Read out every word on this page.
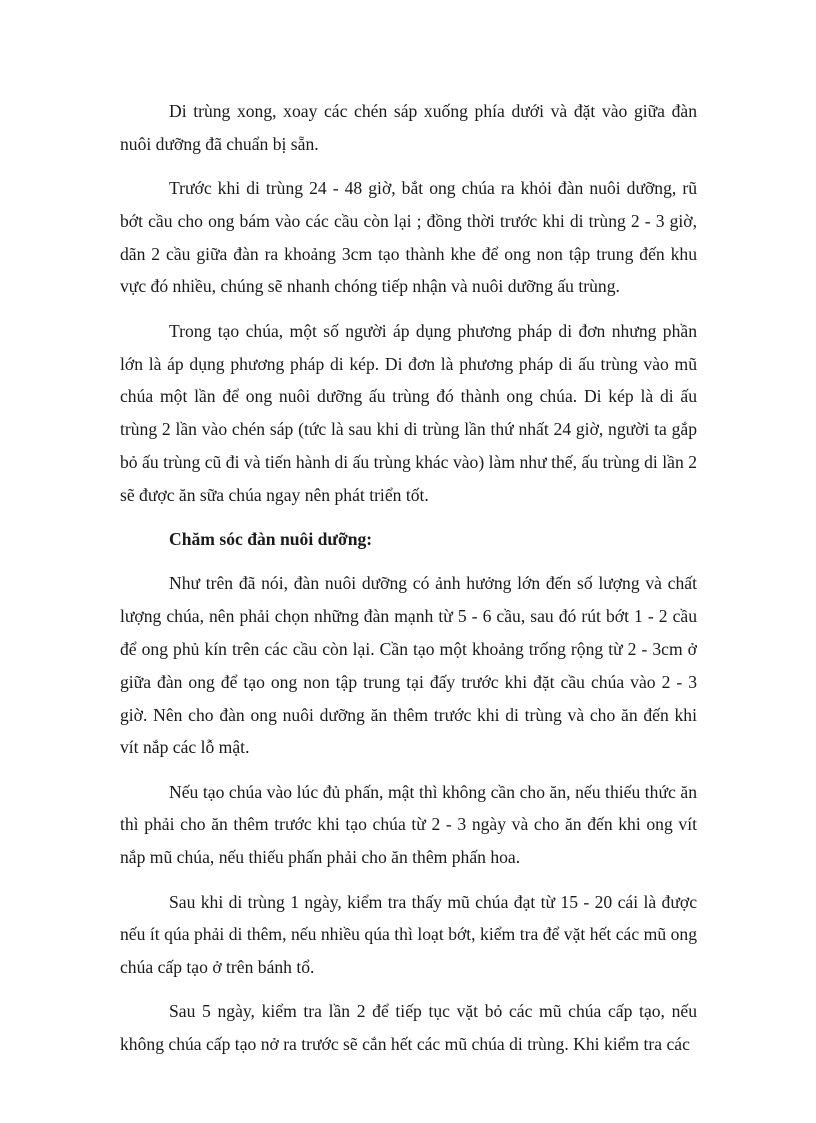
Di trùng xong, xoay các chén sáp xuống phía dưới và đặt vào giữa đàn nuôi dưỡng đã chuẩn bị sẵn.

Trước khi di trùng 24 - 48 giờ, bắt ong chúa ra khỏi đàn nuôi dưỡng, rũ bớt cầu cho ong bám vào các cầu còn lại ; đồng thời trước khi di trùng 2 - 3 giờ, dãn 2 cầu giữa đàn ra khoảng 3cm tạo thành khe để ong non tập trung đến khu vực đó nhiều, chúng sẽ nhanh chóng tiếp nhận và nuôi dưỡng ấu trùng.

Trong tạo chúa, một số người áp dụng phương pháp di đơn nhưng phần lớn là áp dụng phương pháp di kép. Di đơn là phương pháp di ấu trùng vào mũ chúa một lần để ong nuôi dưỡng ấu trùng đó thành ong chúa. Di kép là di ấu trùng 2 lần vào chén sáp (tức là sau khi di trùng lần thứ nhất 24 giờ, người ta gắp bỏ ấu trùng cũ đi và tiến hành di ấu trùng khác vào) làm như thế, ấu trùng di lần 2 sẽ được ăn sữa chúa ngay nên phát triển tốt.

Chăm sóc đàn nuôi dưỡng:

Như trên đã nói, đàn nuôi dưỡng có ảnh hưởng lớn đến số lượng và chất lượng chúa, nên phải chọn những đàn mạnh từ 5 - 6 cầu, sau đó rút bớt 1 - 2 cầu để ong phủ kín trên các cầu còn lại. Cần tạo một khoảng trống rộng từ 2 - 3cm ở giữa đàn ong để tạo ong non tập trung tại đấy trước khi đặt cầu chúa vào 2 - 3 giờ. Nên cho đàn ong nuôi dưỡng ăn thêm trước khi di trùng và cho ăn đến khi vít nắp các lỗ mật.

Nếu tạo chúa vào lúc đủ phấn, mật thì không cần cho ăn, nếu thiếu thức ăn thì phải cho ăn thêm trước khi tạo chúa từ 2 - 3 ngày và cho ăn đến khi ong vít nắp mũ chúa, nếu thiếu phấn phải cho ăn thêm phấn hoa.

Sau khi di trùng 1 ngày, kiểm tra thấy mũ chúa đạt từ 15 - 20 cái là được nếu ít qúa phải di thêm, nếu nhiều qúa thì loạt bớt, kiểm tra để vặt hết các mũ ong chúa cấp tạo ở trên bánh tổ.

Sau 5 ngày, kiểm tra lần 2 để tiếp tục vặt bỏ các mũ chúa cấp tạo, nếu không chúa cấp tạo nở ra trước sẽ cắn hết các mũ chúa di trùng. Khi kiểm tra các
